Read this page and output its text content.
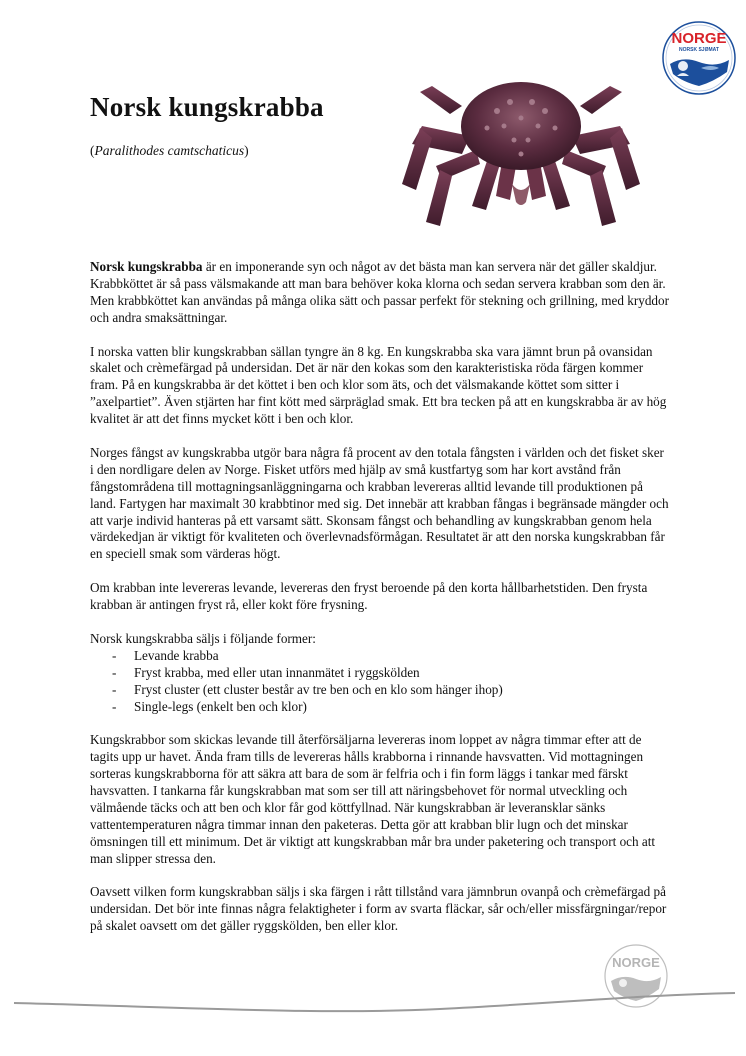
NORGE
NORSK SJØMAT
Norsk kungskrabba

(Paralithodes camtschaticus)

Norsk kungskrabba är en imponerande syn och något av det bästa man kan servera när det gäller skaldjur. Krabbköttet är så pass välsmakande att man bara behöver koka klorna och sedan servera krabban som den är. Men krabbköttet kan användas på många olika sätt och passar perfekt för stekning och grillning, med kryddor och andra smaksättningar.

I norska vatten blir kungskrabban sällan tyngre än 8 kg. En kungskrabba ska vara jämnt brun på ovansidan skalet och crèmefärgad på undersidan. Det är när den kokas som den karakteristiska röda färgen kommer fram. På en kungskrabba är det köttet i ben och klor som äts, och det välsmakande köttet som sitter i ”axelpartiet”. Även stjärten har fint kött med särpräglad smak. Ett bra tecken på att en kungskrabba är av hög kvalitet är att det finns mycket kött i ben och klor.

Norges fångst av kungskrabba utgör bara några få procent av den totala fångsten i världen och det fisket sker i den nordligare delen av Norge. Fisket utförs med hjälp av små kustfartyg som har kort avstånd från fångstområdena till mottagningsanläggningarna och krabban levereras alltid levande till produktionen på land. Fartygen har maximalt 30 krabbtinor med sig. Det innebär att krabban fångas i begränsade mängder och att varje individ hanteras på ett varsamt sätt. Skonsam fångst och behandling av kungskrabban genom hela värdekedjan är viktigt för kvaliteten och överlevnadsförmågan. Resultatet är att den norska kungskrabban får en speciell smak som värderas högt.

Om krabban inte levereras levande, levereras den fryst beroende på den korta hållbarhetstiden. Den frysta krabban är antingen fryst rå, eller kokt före frysning.

Norsk kungskrabba säljs i följande former:

- Levande krabba
- Fryst krabba, med eller utan innanmätet i ryggskölden
- Fryst cluster (ett cluster består av tre ben och en klo som hänger ihop)
- Single-legs (enkelt ben och klor)

Kungskrabbor som skickas levande till återförsäljarna levereras inom loppet av några timmar efter att de tagits upp ur havet. Ända fram tills de levereras hålls krabborna i rinnande havsvatten. Vid mottagningen sorteras kungskrabborna för att säkra att bara de som är felfria och i fin form läggs i tankar med färskt havsvatten. I tankarna får kungskrabban mat som ser till att näringsbehovet för normal utveckling och välmående täcks och att ben och klor får god köttfyllnad. När kungskrabban är leveransklar sänks vattentemperaturen några timmar innan den paketeras. Detta gör att krabban blir lugn och det minskar ömsningen till ett minimum. Det är viktigt att kungskrabban mår bra under paketering och transport och att man slipper stressa den.

Oavsett vilken form kungskrabban säljs i ska färgen i rått tillstånd vara jämnbrun ovanpå och crèmefärgad på undersidan. Det bör inte finnas några felaktigheter i form av svarta fläckar, sår och/eller missfärgningar/repor på skalet oavsett om det gäller ryggskölden, ben eller klor.

NORGE
